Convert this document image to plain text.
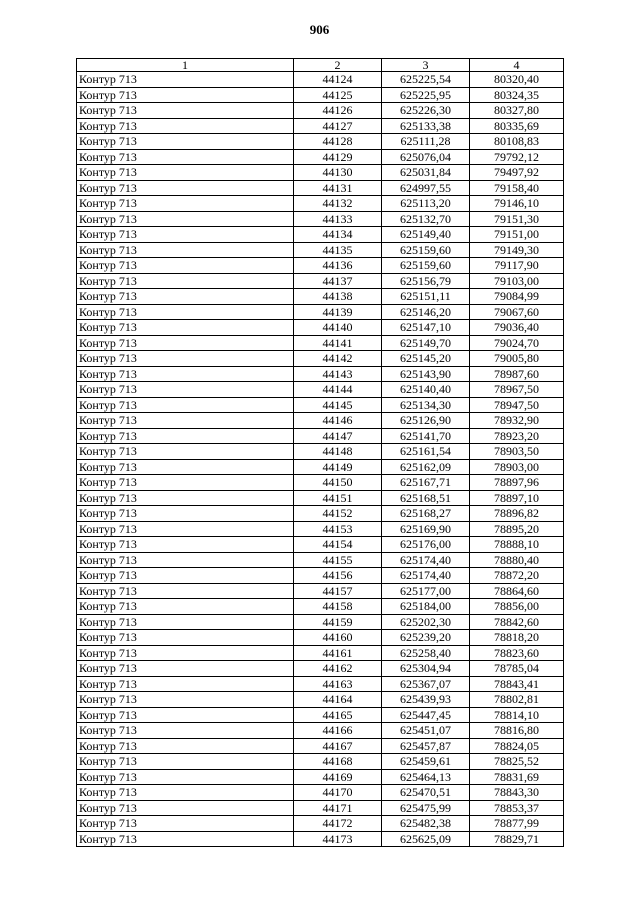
906
1	2	3	4
Контур 713	44124	625225,54	80320,40
Контур 713	44125	625225,95	80324,35
Контур 713	44126	625226,30	80327,80
Контур 713	44127	625133,38	80335,69
Контур 713	44128	625111,28	80108,83
Контур 713	44129	625076,04	79792,12
Контур 713	44130	625031,84	79497,92
Контур 713	44131	624997,55	79158,40
Контур 713	44132	625113,20	79146,10
Контур 713	44133	625132,70	79151,30
Контур 713	44134	625149,40	79151,00
Контур 713	44135	625159,60	79149,30
Контур 713	44136	625159,60	79117,90
Контур 713	44137	625156,79	79103,00
Контур 713	44138	625151,11	79084,99
Контур 713	44139	625146,20	79067,60
Контур 713	44140	625147,10	79036,40
Контур 713	44141	625149,70	79024,70
Контур 713	44142	625145,20	79005,80
Контур 713	44143	625143,90	78987,60
Контур 713	44144	625140,40	78967,50
Контур 713	44145	625134,30	78947,50
Контур 713	44146	625126,90	78932,90
Контур 713	44147	625141,70	78923,20
Контур 713	44148	625161,54	78903,50
Контур 713	44149	625162,09	78903,00
Контур 713	44150	625167,71	78897,96
Контур 713	44151	625168,51	78897,10
Контур 713	44152	625168,27	78896,82
Контур 713	44153	625169,90	78895,20
Контур 713	44154	625176,00	78888,10
Контур 713	44155	625174,40	78880,40
Контур 713	44156	625174,40	78872,20
Контур 713	44157	625177,00	78864,60
Контур 713	44158	625184,00	78856,00
Контур 713	44159	625202,30	78842,60
Контур 713	44160	625239,20	78818,20
Контур 713	44161	625258,40	78823,60
Контур 713	44162	625304,94	78785,04
Контур 713	44163	625367,07	78843,41
Контур 713	44164	625439,93	78802,81
Контур 713	44165	625447,45	78814,10
Контур 713	44166	625451,07	78816,80
Контур 713	44167	625457,87	78824,05
Контур 713	44168	625459,61	78825,52
Контур 713	44169	625464,13	78831,69
Контур 713	44170	625470,51	78843,30
Контур 713	44171	625475,99	78853,37
Контур 713	44172	625482,38	78877,99
Контур 713	44173	625625,09	78829,71
